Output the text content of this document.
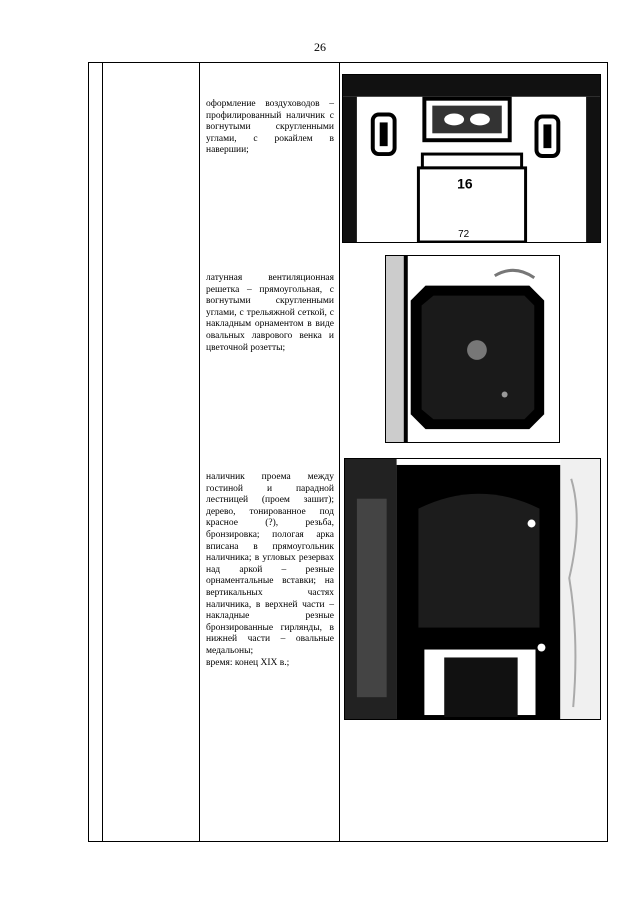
26
оформление воздуховодов – профилированный наличник с вогнутыми скругленными углами, с рокайлем в навершии;
16
72
латунная вентиляционная решетка – прямоугольная, с вогнутыми скругленными углами, с трельяжной сеткой, с накладным орнаментом в виде овальных лаврового венка и цветочной розетты;
наличник проема между гостиной и парадной лестницей (проем зашит); дерево, тонированное под красное (?), резьба, бронзировка; пологая арка вписана в прямоугольник наличника; в угловых резервах над аркой – резные орнаментальные вставки; на вертикальных частях наличника, в верхней части – накладные резные бронзированные гирлянды, в нижней части – овальные медальоны;
время: конец XIX в.;
